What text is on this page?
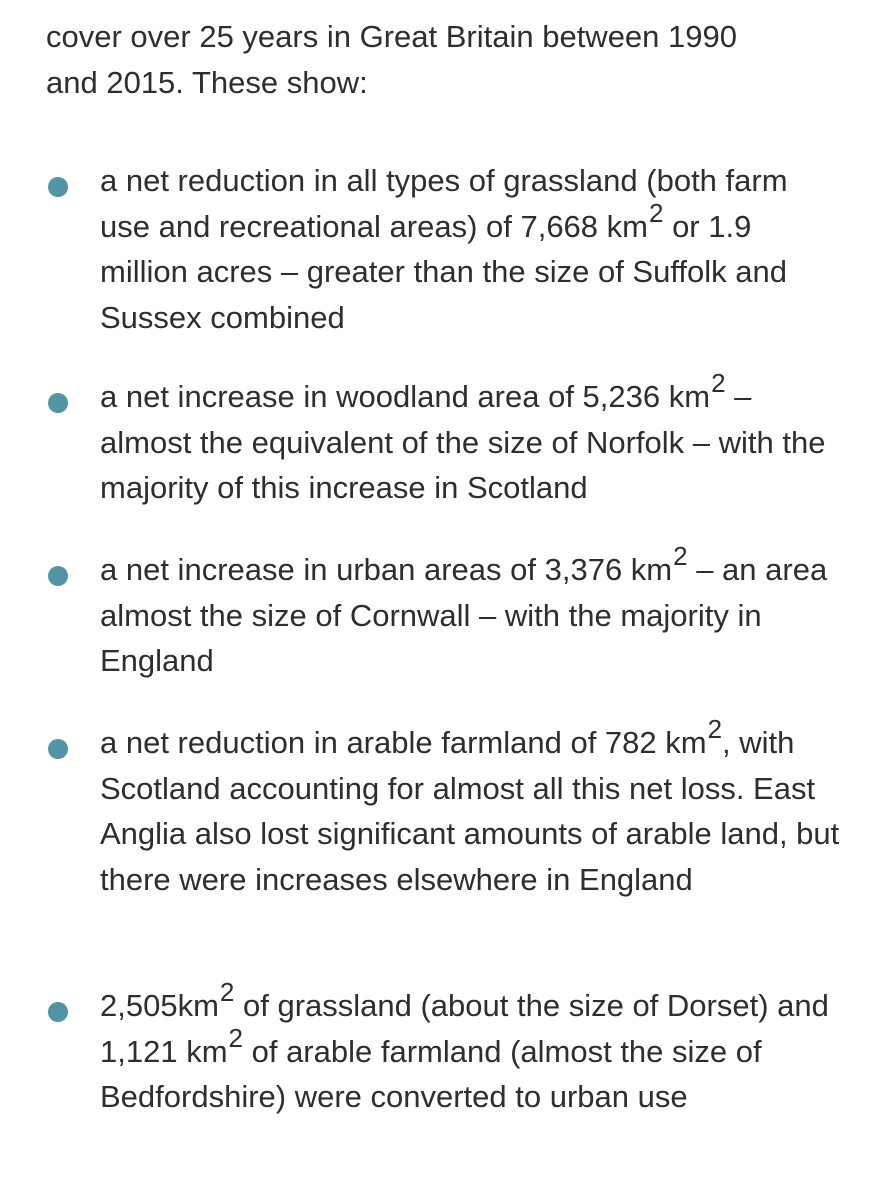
cover over 25 years in Great Britain between 1990
and 2015. These show:

a net reduction in all types of grassland (both farm use and recreational areas) of 7,668 $km^2$ or 1.9 million acres – greater than the size of Suffolk and Sussex combined

a net increase in woodland area of 5,236 $km^2$ – almost the equivalent of the size of Norfolk – with the majority of this increase in Scotland

a net increase in urban areas of 3,376 $km^2$ – an area almost the size of Cornwall – with the majority in England

a net reduction in arable farmland of 782 $km^2$, with Scotland accounting for almost all this net loss. East Anglia also lost significant amounts of arable land, but there were increases elsewhere in England

$2,505km^2$ of grassland (about the size of Dorset) and 1,121 $km^2$ of arable farmland (almost the size of Bedfordshire) were converted to urban use
